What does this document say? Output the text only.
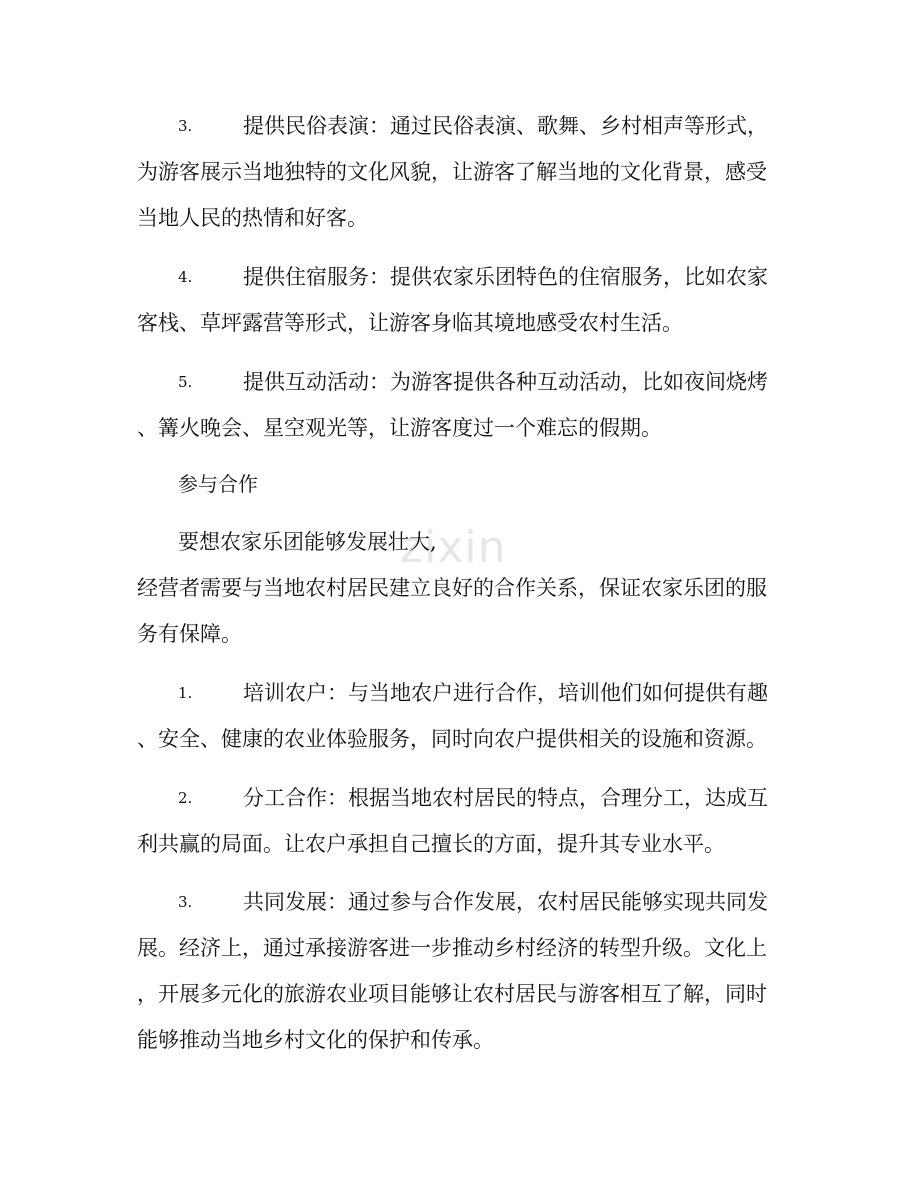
zixin
3. 提供民俗表演：通过民俗表演、歌舞、乡村相声等形式，
为游客展示当地独特的文化风貌，让游客了解当地的文化背景，感受
当地人民的热情和好客。
4. 提供住宿服务：提供农家乐团特色的住宿服务，比如农家
客栈、草坪露营等形式，让游客身临其境地感受农村生活。
5. 提供互动活动：为游客提供各种互动活动，比如夜间烧烤
、篝火晚会、星空观光等，让游客度过一个难忘的假期。
参与合作
要想农家乐团能够发展壮大,
经营者需要与当地农村居民建立良好的合作关系，保证农家乐团的服
务有保障。
1. 培训农户：与当地农户进行合作，培训他们如何提供有趣
、安全、健康的农业体验服务，同时向农户提供相关的设施和资源。
2. 分工合作：根据当地农村居民的特点，合理分工，达成互
利共赢的局面。让农户承担自己擅长的方面，提升其专业水平。
3. 共同发展：通过参与合作发展，农村居民能够实现共同发
展。经济上，通过承接游客进一步推动乡村经济的转型升级。文化上
，开展多元化的旅游农业项目能够让农村居民与游客相互了解，同时
能够推动当地乡村文化的保护和传承。
